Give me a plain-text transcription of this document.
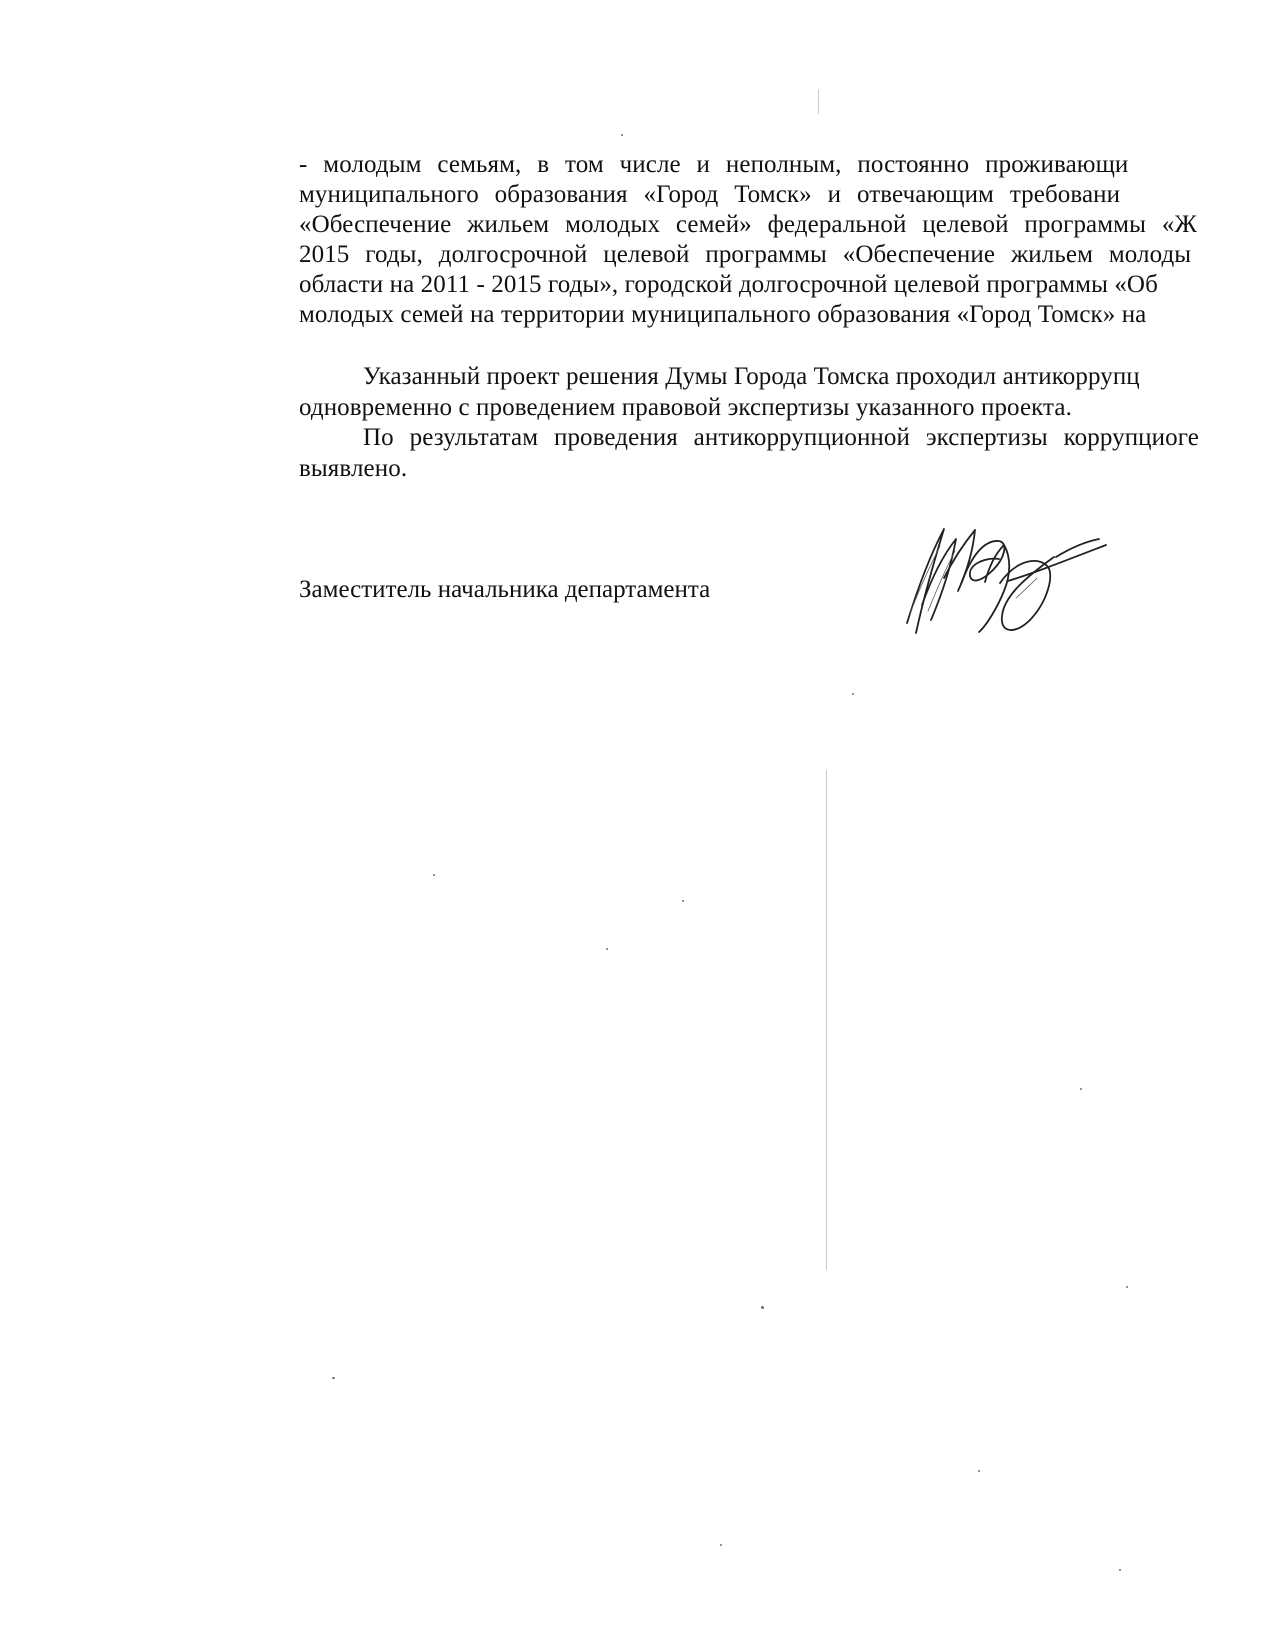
- молодым семьям, в том числе и неполным, постоянно проживающи
муниципального образования «Город Томск» и отвечающим требовани
«Обеспечение жильем молодых семей» федеральной целевой программы «Ж
2015 годы, долгосрочной целевой программы «Обеспечение жильем молоды
области на 2011 - 2015 годы», городской долгосрочной целевой программы «Об
молодых семей на территории муниципального образования «Город Томск» на
Указанный проект решения Думы Города Томска проходил антикоррупц
одновременно с проведением правовой экспертизы указанного проекта.
По результатам проведения антикоррупционной экспертизы коррупциоге
выявлено.
Заместитель начальника департамента
